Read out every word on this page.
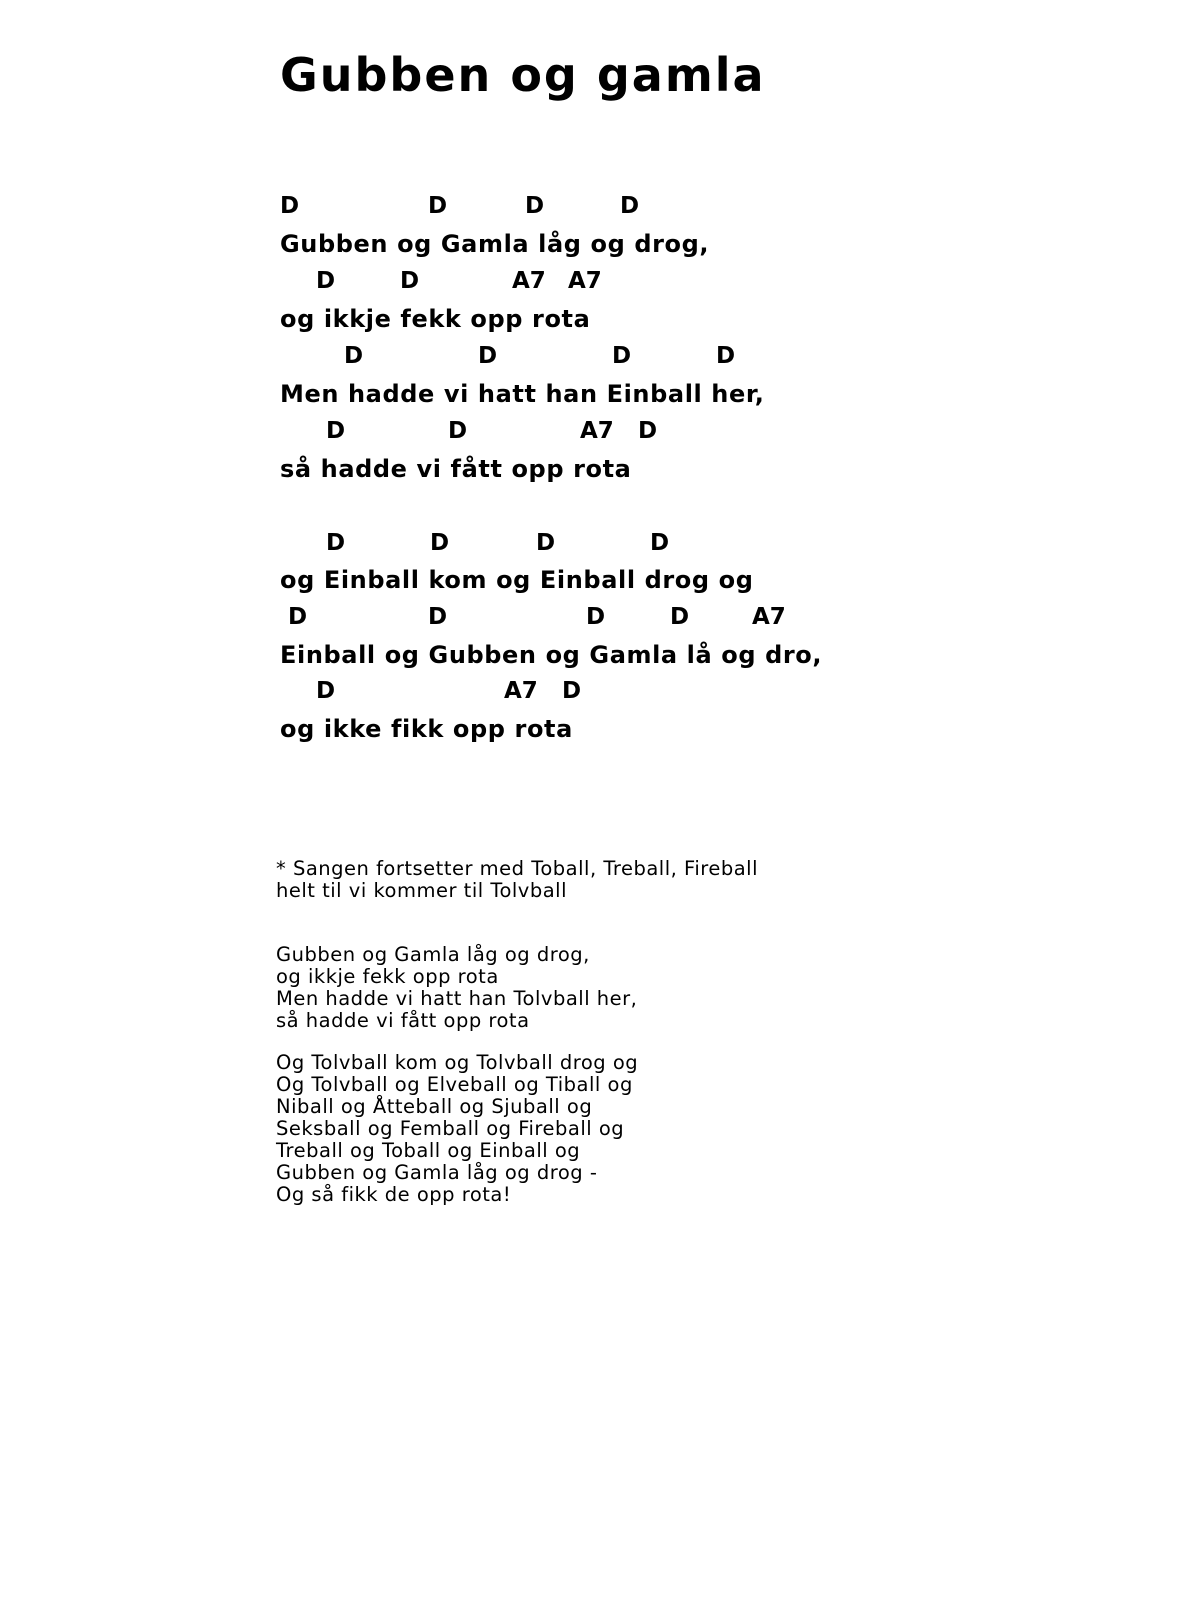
Gubben og gamla
D	D	D	D
Gubben og Gamla låg og drog,
D	D	A7 A7
og ikkje fekk opp rota
D	D	D	D
Men hadde vi hatt han Einball her,
D	D	A7 D
så hadde vi fått opp rota
D	D	D	D
og Einball kom og Einball drog og
D	D	D	D	A7
Einball og Gubben og Gamla lå og dro,
D	A7 D
og ikke fikk opp rota
* Sangen fortsetter med Toball, Treball, Fireball
helt til vi kommer til Tolvball
Gubben og Gamla låg og drog,
og ikkje fekk opp rota
Men hadde vi hatt han Tolvball her,
så hadde vi fått opp rota
Og Tolvball kom og Tolvball drog og
Og Tolvball og Elveball og Tiball og
Niball og Åtteball og Sjuball og
Seksball og Femball og Fireball og
Treball og Toball og Einball og
Gubben og Gamla låg og drog -
Og så fikk de opp rota!
